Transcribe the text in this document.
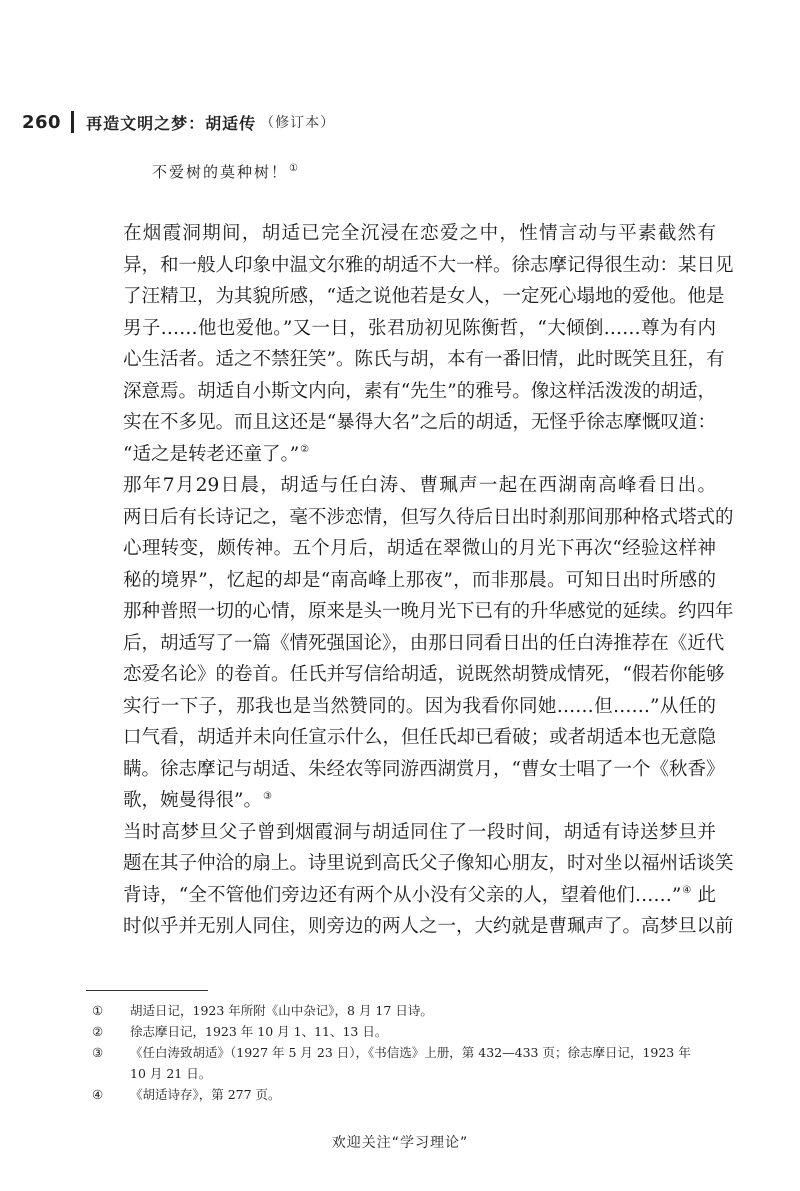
260 再造文明之梦：胡适传 （修订本）
不爱树的莫种树！①

在烟霞洞期间，胡适已完全沉浸在恋爱之中，性情言动与平素截然有
异，和一般人印象中温文尔雅的胡适不大一样。徐志摩记得很生动：某日见
了汪精卫，为其貌所感，“适之说他若是女人，一定死心塌地的爱他。他是
男子……他也爱他。”又一日，张君劢初见陈衡哲，“大倾倒……尊为有内
心生活者。适之不禁狂笑”。陈氏与胡，本有一番旧情，此时既笑且狂，有
深意焉。胡适自小斯文内向，素有“先生”的雅号。像这样活泼泼的胡适，
实在不多见。而且这还是“暴得大名”之后的胡适，无怪乎徐志摩慨叹道：
“适之是转老还童了。”②

那年7月29日晨，胡适与任白涛、曹珮声一起在西湖南高峰看日出。
两日后有长诗记之，毫不涉恋情，但写久待后日出时刹那间那种格式塔式的
心理转变，颇传神。五个月后，胡适在翠微山的月光下再次“经验这样神
秘的境界”，忆起的却是“南高峰上那夜”，而非那晨。可知日出时所感的
那种普照一切的心情，原来是头一晚月光下已有的升华感觉的延续。约四年
后，胡适写了一篇《情死强国论》，由那日同看日出的任白涛推荐在《近代
恋爱名论》的卷首。任氏并写信给胡适，说既然胡赞成情死，“假若你能够
实行一下子，那我也是当然赞同的。因为我看你同她……但……”从任的
口气看，胡适并未向任宣示什么，但任氏却已看破；或者胡适本也无意隐
瞒。徐志摩记与胡适、朱经农等同游西湖赏月，“曹女士唱了一个《秋香》
歌，婉曼得很”。③

当时高梦旦父子曾到烟霞洞与胡适同住了一段时间，胡适有诗送梦旦并
题在其子仲洽的扇上。诗里说到高氏父子像知心朋友，时对坐以福州话谈笑
背诗，“全不管他们旁边还有两个从小没有父亲的人，望着他们……”④ 此
时似乎并无别人同住，则旁边的两人之一，大约就是曹珮声了。高梦旦以前

①	胡适日记，1923 年所附《山中杂记》，8 月 17 日诗。
②	徐志摩日记，1923 年 10 月 1、11、13 日。
③	《任白涛致胡适》（1927 年 5 月 23 日），《书信选》上册，第 432—433 页；徐志摩日记，1923 年 10 月 21 日。
④	《胡适诗存》，第 277 页。
欢迎关注“学习理论”
